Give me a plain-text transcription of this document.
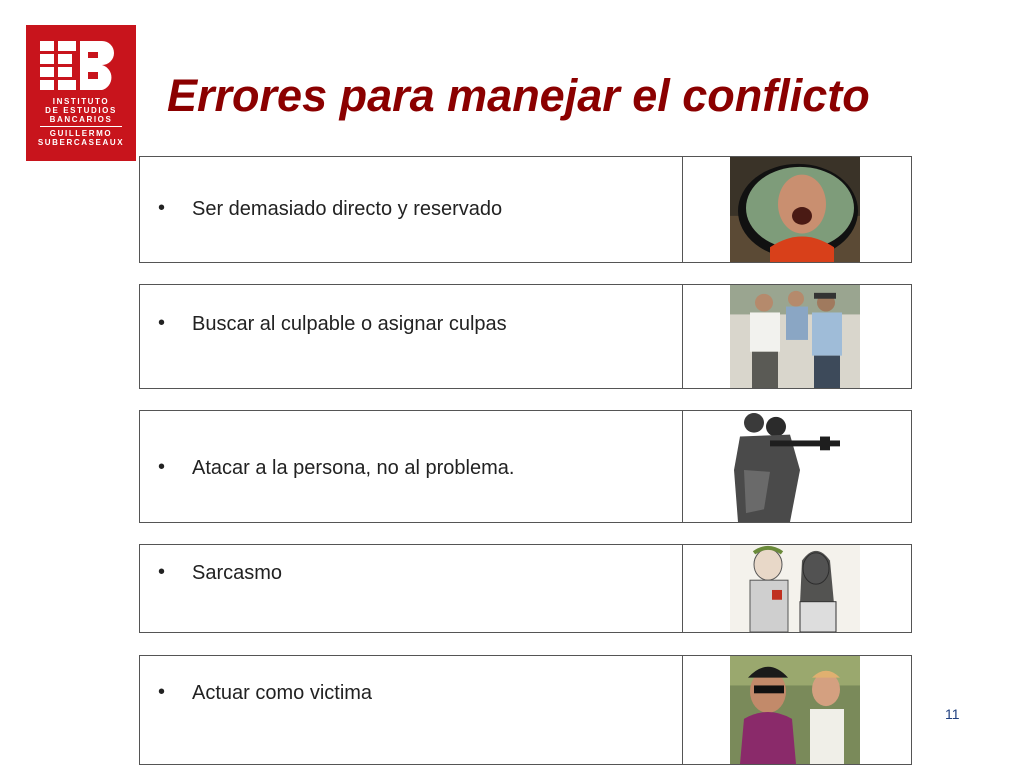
INSTITUTO
DE ESTUDIOS
BANCARIOS
GUILLERMO
SUBERCASEAUX
Errores para manejar el conflicto
• Ser demasiado directo y reservado
• Buscar al culpable o asignar culpas
• Atacar a la persona, no al problema.
• Sarcasmo
• Actuar como victima
11
